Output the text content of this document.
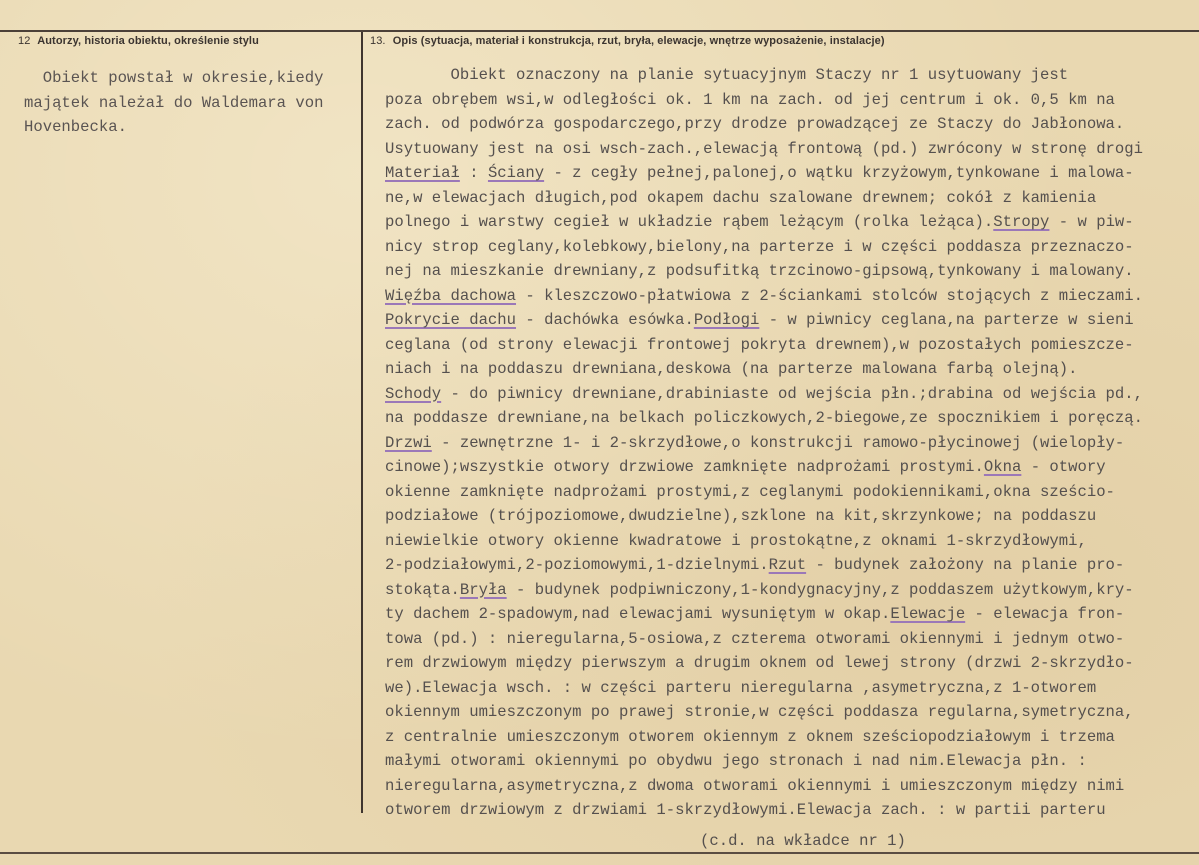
12 Autorzy, historia obiektu, określenie stylu	13. Opis (sytuacja, materiał i konstrukcja, rzut, bryła, elewacje, wnętrze wyposażenie, instalacje)
Obiekt powstał w okresie,kiedy
majątek należał do Waldemara von
Hovenbecka.
Obiekt oznaczony na planie sytuacyjnym Staczy nr 1 usytuowany jest
poza obrębem wsi,w odległości ok. 1 km na zach. od jej centrum i ok. 0,5 km na
zach. od podwórza gospodarczego,przy drodze prowadzącej ze Staczy do Jabłonowa.
Usytuowany jest na osi wsch-zach.,elewacją frontową (pd.) zwrócony w stronę drogi
Materiał : Ściany - z cegły pełnej,palonej,o wątku krzyżowym,tynkowane i malowa-
ne,w elewacjach długich,pod okapem dachu szalowane drewnem; cokół z kamienia
polnego i warstwy cegieł w układzie rąbem leżącym (rolka leżąca).Stropy - w piw-
nicy strop ceglany,kolebkowy,bielony,na parterze i w części poddasza przeznaczo-
nej na mieszkanie drewniany,z podsufitką trzcinowo-gipsową,tynkowany i malowany.
Więźba dachowa - kleszczowo-płatwiowa z 2-ściankami stolców stojących z mieczami.
Pokrycie dachu - dachówka esówka.Podłogi - w piwnicy ceglana,na parterze w sieni
ceglana (od strony elewacji frontowej pokryta drewnem),w pozostałych pomieszcze-
niach i na poddaszu drewniana,deskowa (na parterze malowana farbą olejną).
Schody - do piwnicy drewniane,drabiniaste od wejścia płn.;drabina od wejścia pd.,
na poddasze drewniane,na belkach policzkowych,2-biegowe,ze spocznikiem i poręczą.
Drzwi - zewnętrzne 1- i 2-skrzydłowe,o konstrukcji ramowo-płycinowej (wielopły-
cinowe);wszystkie otwory drzwiowe zamknięte nadprożami prostymi.Okna - otwory
okienne zamknięte nadprożami prostymi,z ceglanymi podokiennikami,okna sześcio-
podziałowe (trójpoziomowe,dwudzielne),szklone na kit,skrzynkowe; na poddaszu
niewielkie otwory okienne kwadratowe i prostokątne,z oknami 1-skrzydłowymi,
2-podziałowymi,2-poziomowymi,1-dzielnymi.Rzut - budynek założony na planie pro-
stokąta.Bryła - budynek podpiwniczony,1-kondygnacyjny,z poddaszem użytkowym,kry-
ty dachem 2-spadowym,nad elewacjami wysuniętym w okap.Elewacje - elewacja fron-
towa (pd.) : nieregularna,5-osiowa,z czterema otworami okiennymi i jednym otwo-
rem drzwiowym między pierwszym a drugim oknem od lewej strony (drzwi 2-skrzydło-
we).Elewacja wsch. : w części parteru nieregularna ,asymetryczna,z 1-otworem
okiennym umieszczonym po prawej stronie,w części poddasza regularna,symetryczna,
z centralnie umieszczonym otworem okiennym z oknem sześciopodziałowym i trzema
małymi otworami okiennymi po obydwu jego stronach i nad nim.Elewacja płn. :
nieregularna,asymetryczna,z dwoma otworami okiennymi i umieszczonym między nimi
otworem drzwiowym z drzwiami 1-skrzydłowymi.Elewacja zach. : w partii parteru
(c.d. na wkładce nr 1)
